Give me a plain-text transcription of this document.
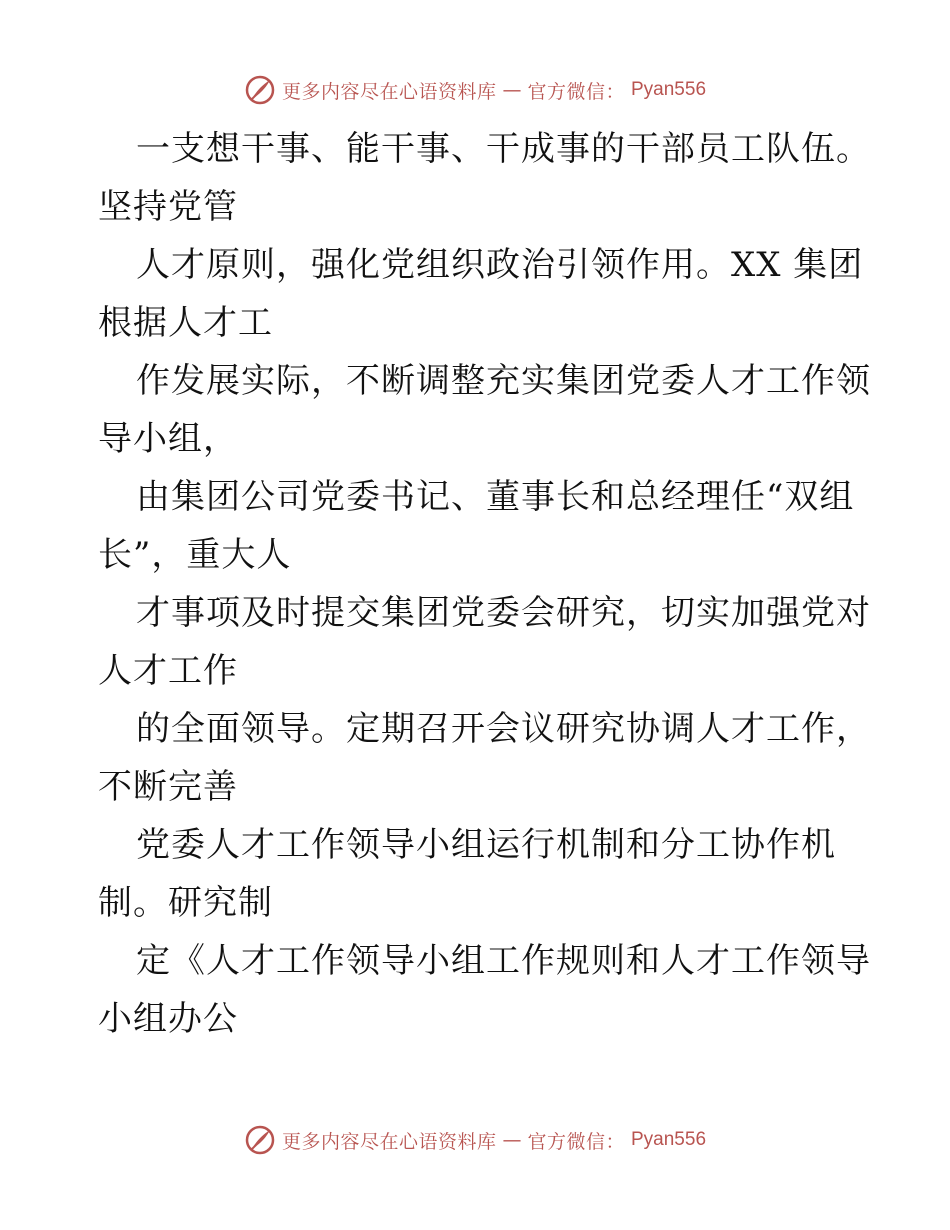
更多内容尽在心语资料库 — 官方微信： Pyan556
一支想干事、能干事、干成事的干部员工队伍。
坚持党管
人才原则，强化党组织政治引领作用。XX 集团
根据人才工
作发展实际，不断调整充实集团党委人才工作领
导小组，
由集团公司党委书记、董事长和总经理任“双组
长”，重大人
才事项及时提交集团党委会研究，切实加强党对
人才工作
的全面领导。定期召开会议研究协调人才工作，
不断完善
党委人才工作领导小组运行机制和分工协作机
制。研究制
定《人才工作领导小组工作规则和人才工作领导
小组办公
更多内容尽在心语资料库 — 官方微信： Pyan556
